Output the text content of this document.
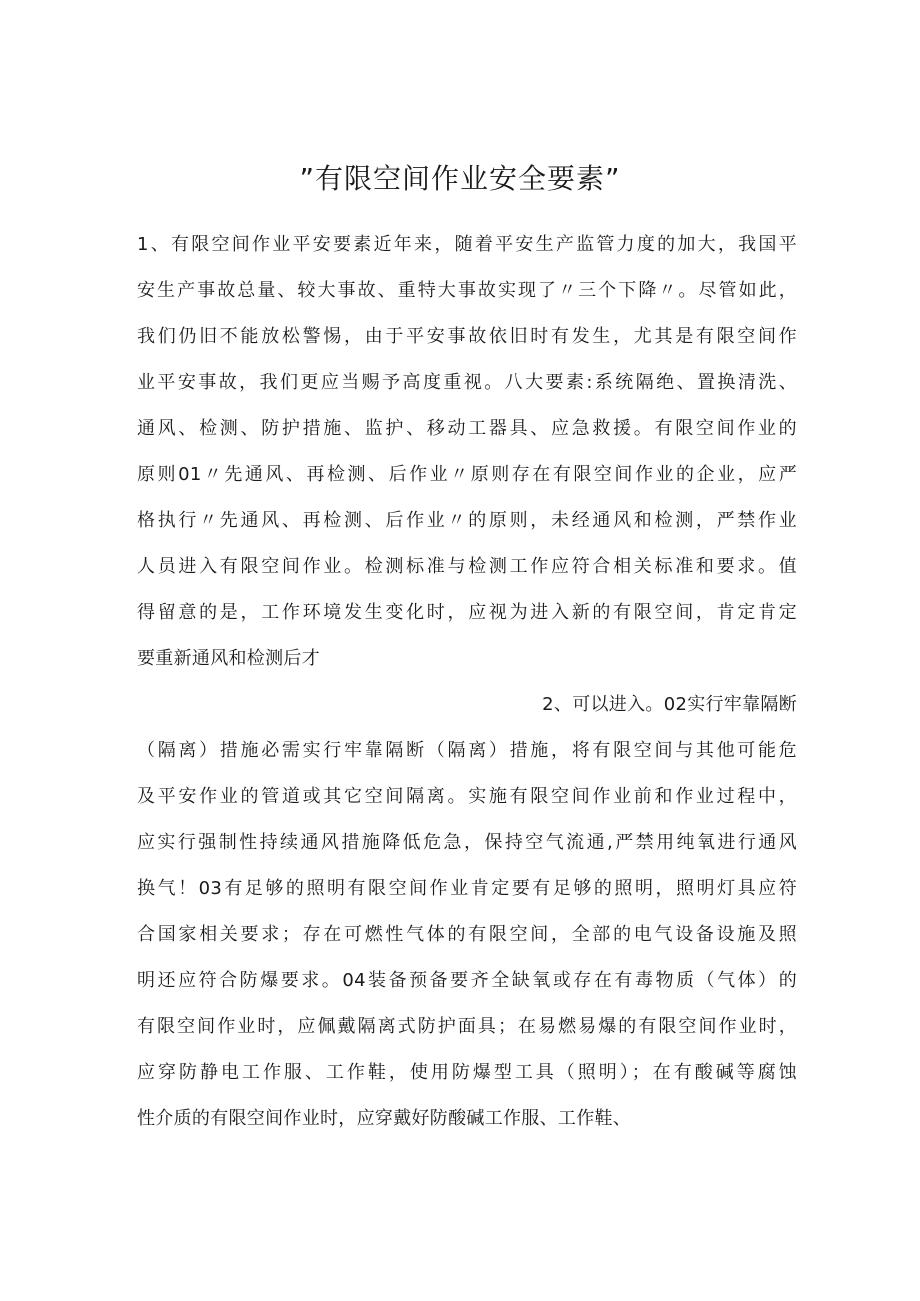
”有限空间作业安全要素”
1、有限空间作业平安要素近年来，随着平安生产监管力度的加大，我国平
安生产事故总量、较大事故、重特大事故实现了〃三个下降〃。尽管如此，
我们仍旧不能放松警惕，由于平安事故依旧时有发生，尤其是有限空间作
业平安事故，我们更应当赐予高度重视。八大要素:系统隔绝、置换清洗、
通风、检测、防护措施、监护、移动工器具、应急救援。有限空间作业的
原则01〃先通风、再检测、后作业〃原则存在有限空间作业的企业，应严
格执行〃先通风、再检测、后作业〃的原则，未经通风和检测，严禁作业
人员进入有限空间作业。检测标准与检测工作应符合相关标准和要求。值
得留意的是，工作环境发生变化时，应视为进入新的有限空间，肯定肯定
要重新通风和检测后才
2、可以进入。02实行牢靠隔断
（隔离）措施必需实行牢靠隔断（隔离）措施，将有限空间与其他可能危
及平安作业的管道或其它空间隔离。实施有限空间作业前和作业过程中，
应实行强制性持续通风措施降低危急，保持空气流通,严禁用纯氧进行通风
换气！03有足够的照明有限空间作业肯定要有足够的照明，照明灯具应符
合国家相关要求；存在可燃性气体的有限空间，全部的电气设备设施及照
明还应符合防爆要求。04装备预备要齐全缺氧或存在有毒物质（气体）的
有限空间作业时，应佩戴隔离式防护面具；在易燃易爆的有限空间作业时，
应穿防静电工作服、工作鞋，使用防爆型工具（照明）；在有酸碱等腐蚀
性介质的有限空间作业时，应穿戴好防酸碱工作服、工作鞋、
